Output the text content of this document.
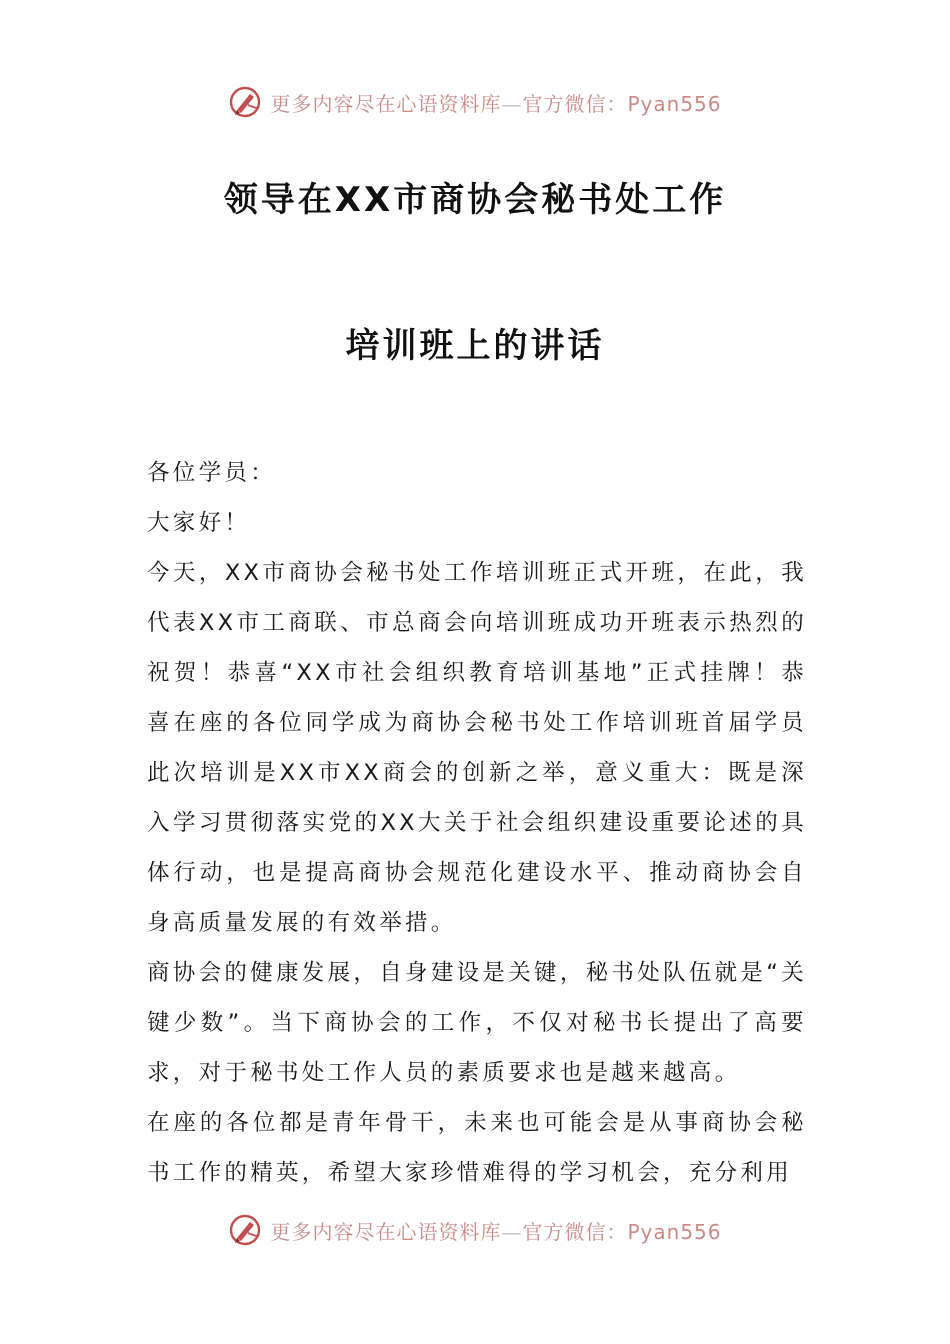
更多内容尽在心语资料库—官方微信：Pyan556
领导在XX市商协会秘书处工作
培训班上的讲话

各位学员：

大家好！

今天，XX市商协会秘书处工作培训班正式开班，在此，我代表XX市工商联、市总商会向培训班成功开班表示热烈的祝贺！恭喜“XX市社会组织教育培训基地”正式挂牌！恭喜在座的各位同学成为商协会秘书处工作培训班首届学员此次培训是XX市XX商会的创新之举，意义重大：既是深入学习贯彻落实党的XX大关于社会组织建设重要论述的具体行动，也是提高商协会规范化建设水平、推动商协会自身高质量发展的有效举措。

商协会的健康发展，自身建设是关键，秘书处队伍就是“关键少数”。当下商协会的工作，不仅对秘书长提出了高要求，对于秘书处工作人员的素质要求也是越来越高。

在座的各位都是青年骨干，未来也可能会是从事商协会秘书工作的精英，希望大家珍惜难得的学习机会，充分利用

更多内容尽在心语资料库—官方微信：Pyan556
